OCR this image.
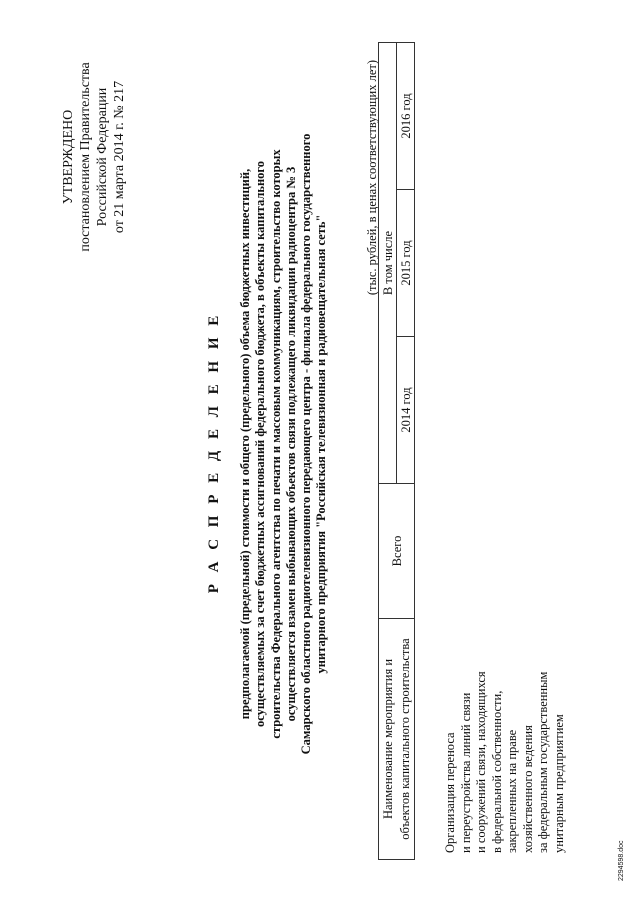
УТВЕРЖДЕНО постановлением Правительства Российской Федерации от 21 марта 2014 г. № 217
Р А С П Р Е Д Е Л Е Н И Е предполагаемой (предельной) стоимости и общего (предельного) объема бюджетных инвестиций, осуществляемых за счет бюджетных ассигнований федерального бюджета, в объекты капитального строительства Федерального агентства по печати и массовым коммуникациям, строительство которых осуществляется взамен выбывающих объектов связи подлежащего ликвидации радиоцентра № 3 Самарского областного радиотелевизионного передающего центра - филиала федерального государственного унитарного предприятия "Российская телевизионная и радиовещательная сеть"
(тыс. рублей, в ценах соответствующих лет)
Наименование мероприятия и	Всего	В том числе		
объектов капитального строительства		2014 год	2015 год	2016 год
Организация переноса и переустройства линий связи и сооружений связи, находящихся в федеральной собственности, закрепленных на праве хозяйственного ведения за федеральным государственным унитарным предприятием
2294598.doc
